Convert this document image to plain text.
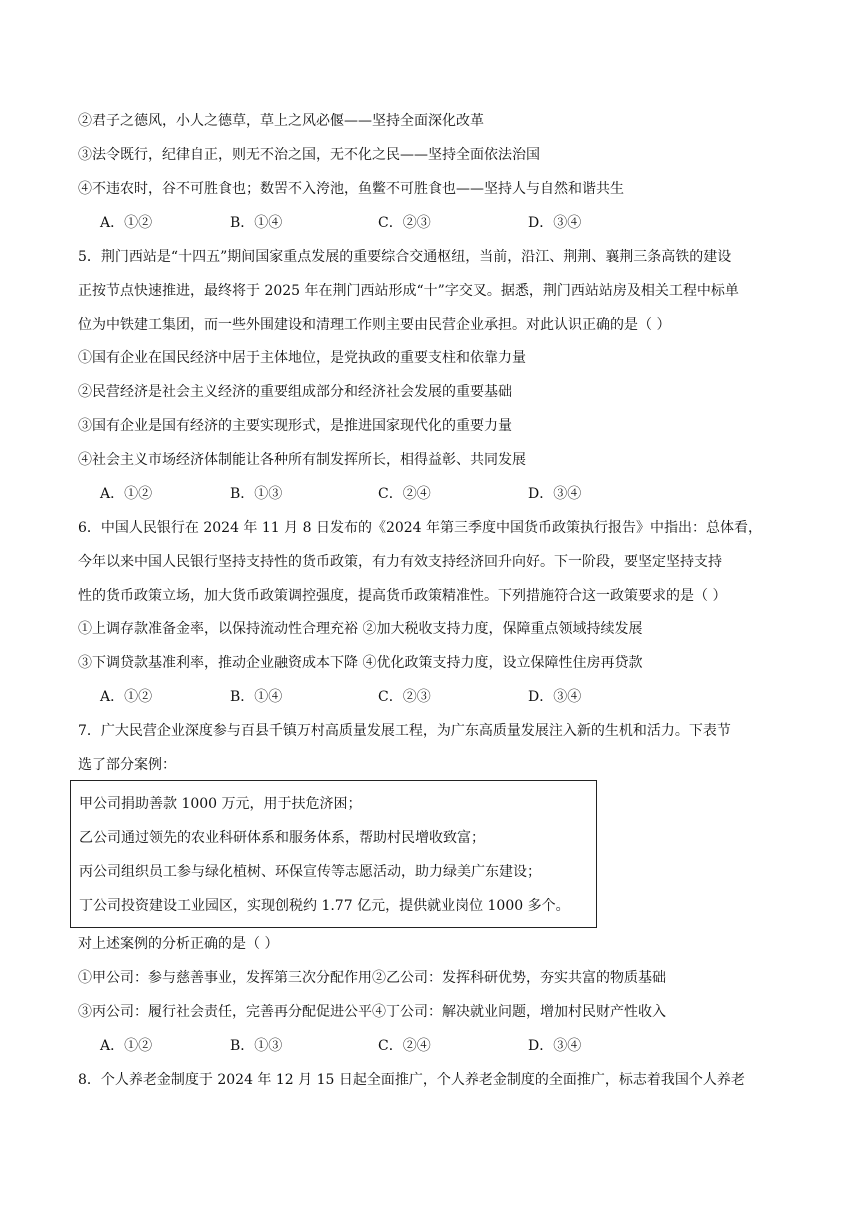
②君子之德风，小人之德草，草上之风必偃——坚持全面深化改革
③法令既行，纪律自正，则无不治之国，无不化之民——坚持全面依法治国
④不违农时，谷不可胜食也；数罟不入洿池，鱼鳖不可胜食也——坚持人与自然和谐共生
A．①②	B．①④	C．②③	D．③④
5．荆门西站是“十四五”期间国家重点发展的重要综合交通枢纽，当前，沿江、荆荆、襄荆三条高铁的建设
正按节点快速推进，最终将于 2025 年在荆门西站形成“十”字交叉。据悉，荆门西站站房及相关工程中标单
位为中铁建工集团，而一些外围建设和清理工作则主要由民营企业承担。对此认识正确的是（ ）
①国有企业在国民经济中居于主体地位，是党执政的重要支柱和依靠力量
②民营经济是社会主义经济的重要组成部分和经济社会发展的重要基础
③国有企业是国有经济的主要实现形式，是推进国家现代化的重要力量
④社会主义市场经济体制能让各种所有制发挥所长，相得益彰、共同发展
A．①②	B．①③	C．②④	D．③④
6．中国人民银行在 2024 年 11 月 8 日发布的《2024 年第三季度中国货币政策执行报告》中指出：总体看，
今年以来中国人民银行坚持支持性的货币政策，有力有效支持经济回升向好。下一阶段，要坚定坚持支持
性的货币政策立场，加大货币政策调控强度，提高货币政策精准性。下列措施符合这一政策要求的是（ ）
①上调存款准备金率，以保持流动性合理充裕 ②加大税收支持力度，保障重点领域持续发展
③下调贷款基准利率，推动企业融资成本下降 ④优化政策支持力度，设立保障性住房再贷款
A．①②	B．①④	C．②③	D．③④
7．广大民营企业深度参与百县千镇万村高质量发展工程，为广东高质量发展注入新的生机和活力。下表节
选了部分案例：
甲公司捐助善款 1000 万元，用于扶危济困；
乙公司通过领先的农业科研体系和服务体系，帮助村民增收致富；
丙公司组织员工参与绿化植树、环保宣传等志愿活动，助力绿美广东建设；
丁公司投资建设工业园区，实现创税约 1.77 亿元，提供就业岗位 1000 多个。
对上述案例的分析正确的是（ ）
①甲公司：参与慈善事业，发挥第三次分配作用②乙公司：发挥科研优势，夯实共富的物质基础
③丙公司：履行社会责任，完善再分配促进公平④丁公司：解决就业问题，增加村民财产性收入
A．①②	B．①③	C．②④	D．③④
8．个人养老金制度于 2024 年 12 月 15 日起全面推广，个人养老金制度的全面推广，标志着我国个人养老
